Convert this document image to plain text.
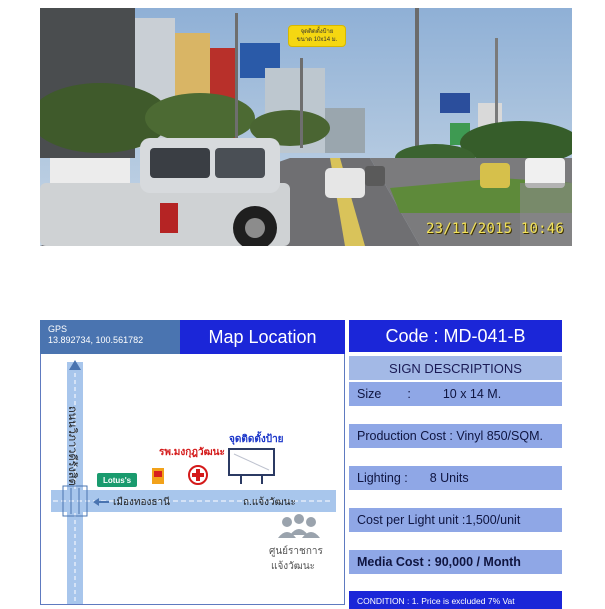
จุดติดตั้งป้าย
ขนาด 10x14 ม.
23/11/2015 10:46
GPS
13.892734, 100.561782	Map Location
ถนนวิภาวดีรังสิต	Lotus's
รพ.มงกุฎวัฒนะ
จุดติดตั้งป้าย
เมืองทองธานี	ถ.แจ้งวัฒนะ
ศูนย์ราชการ
แจ้งวัฒนะ
Code : MD-041-B
SIGN DESCRIPTIONS
Size :	10 x 14 M.
Production Cost : Vinyl 850/SQM.
Lighting : 8 Units
Cost per Light unit :1,500/unit
Media Cost : 90,000 / Month
CONDITION : 1. Price is excluded 7% Vat
